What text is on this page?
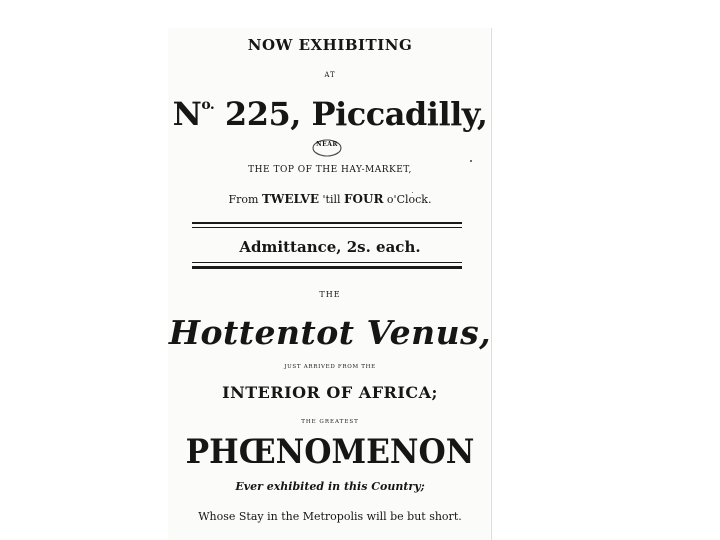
NOW EXHIBITING
AT
$N^{o.}$ 225, Piccadilly,
NEAR
THE TOP OF THE HAY-MARKET,
From TWELVE 'till FOUR o'Clock.
Admittance, 2s. each.
THE
Hottentot Venus,
JUST ARRIVED FROM THE
INTERIOR OF AFRICA;
THE GREATEST
PHŒNOMENON
Ever exhibited in this Country;
Whose Stay in the Metropolis will be but short.
